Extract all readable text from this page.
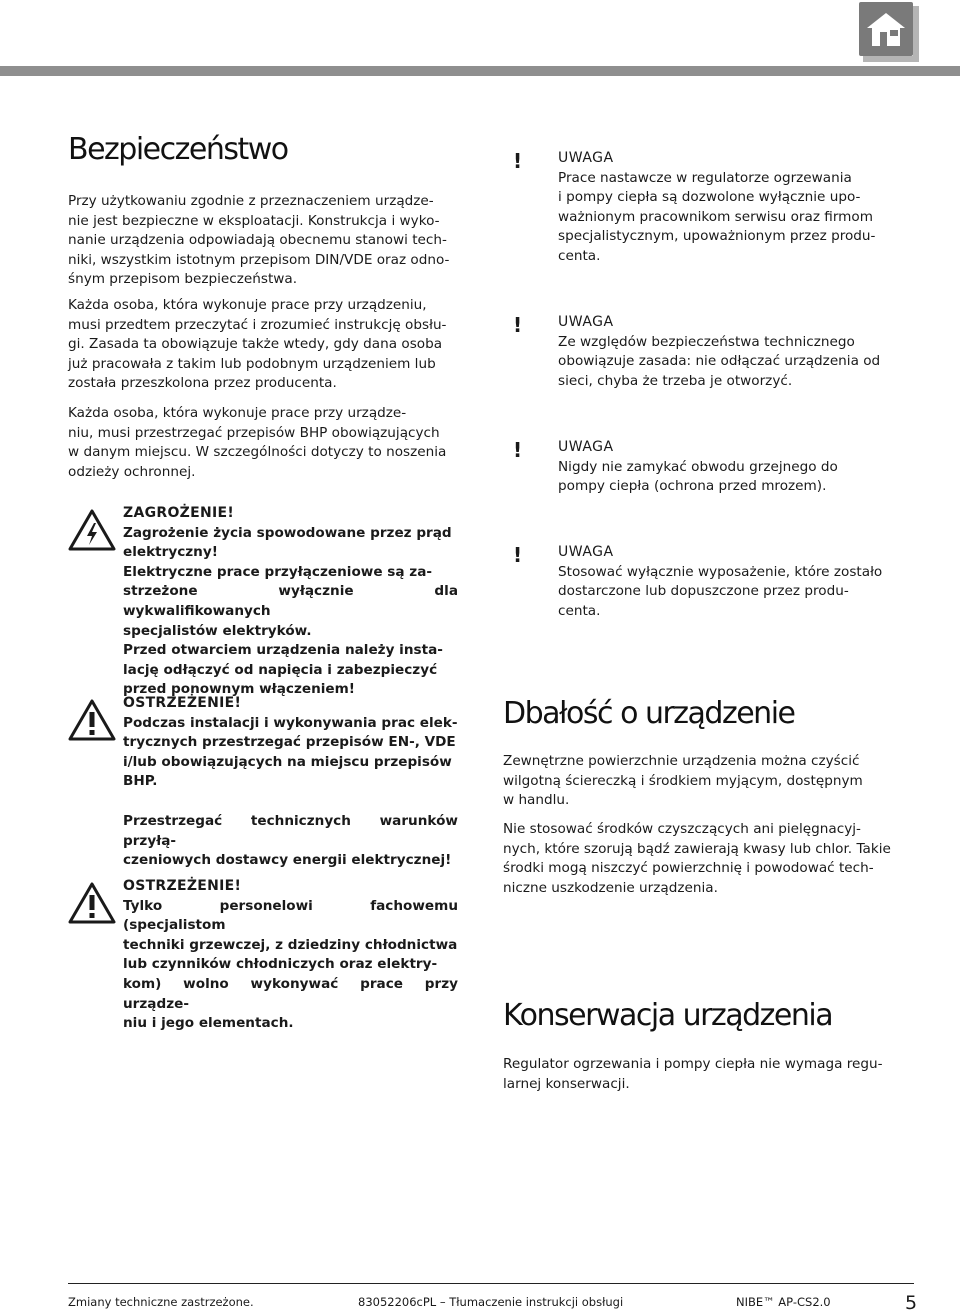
Bezpieczeństwo

Przy użytkowaniu zgodnie z przeznaczeniem urządze-

nie jest bezpieczne w eksploatacji. Konstrukcja i wyko-

nanie urządzenia odpowiadają obecnemu stanowi tech-

niki, wszystkim istotnym przepisom DIN/VDE oraz odno-

śnym przepisom bezpieczeństwa.

Każda osoba, która wykonuje prace przy urządzeniu,

musi przedtem przeczytać i zrozumieć instrukcję obsłu-

gi. Zasada ta obowiązuje także wtedy, gdy dana osoba

już pracowała z takim lub podobnym urządzeniem lub

została przeszkolona przez producenta.

Każda osoba, która wykonuje prace przy urządze-

niu, musi przestrzegać przepisów BHP obowiązujących

w danym miejscu. W szczególności dotyczy to noszenia

odzieży ochronnej.

ZAGROŻENIE!
Zagrożenie życia spowodowane przez prąd
elektryczny!
Elektryczne prace przyłączeniowe są za-
strzeżone wyłącznie dla wykwalifikowanych
specjalistów elektryków.
Przed otwarciem urządzenia należy insta-
lację odłączyć od napięcia i zabezpieczyć
przed ponownym włączeniem!
OSTRZEŻENIE!
Podczas instalacji i wykonywania prac elek-
trycznych przestrzegać przepisów EN-, VDE
i/lub obowiązujących na miejscu przepisów
BHP.
Przestrzegać technicznych warunków przyłą-
czeniowych dostawcy energii elektrycznej!
OSTRZEŻENIE!
Tylko personelowi fachowemu (specjalistom
techniki grzewczej, z dziedziny chłodnictwa
lub czynników chłodniczych oraz elektry-
kom) wolno wykonywać prace przy urządze-
niu i jego elementach.
!	UWAGA

Prace nastawcze w regulatorze ogrzewania

i pompy ciepła są dozwolone wyłącznie upo-

ważnionym pracownikom serwisu oraz firmom

specjalistycznym, upoważnionym przez produ-

centa.

!	UWAGA

Ze względów bezpieczeństwa technicznego

obowiązuje zasada: nie odłączać urządzenia od

sieci, chyba że trzeba je otworzyć.

!	UWAGA

Nigdy nie zamykać obwodu grzejnego do

pompy ciepła (ochrona przed mrozem).

!	UWAGA

Stosować wyłącznie wyposażenie, które zostało

dostarczone lub dopuszczone przez produ-

centa.

Dbałość o urządzenie

Zewnętrzne powierzchnie urządzenia można czyścić

wilgotną ściereczką i środkiem myjącym, dostępnym

w handlu.

Nie stosować środków czyszczących ani pielęgnacyj-

nych, które szorują bądź zawierają kwasy lub chlor. Takie

środki mogą niszczyć powierzchnię i powodować tech-

niczne uszkodzenie urządzenia.

Konserwacja urządzenia

Regulator ogrzewania i pompy ciepła nie wymaga regu-

larnej konserwacji.

Zmiany techniczne zastrzeżone.	83052206cPL – Tłumaczenie instrukcji obsługi	NIBE™ AP-CS2.0	5
